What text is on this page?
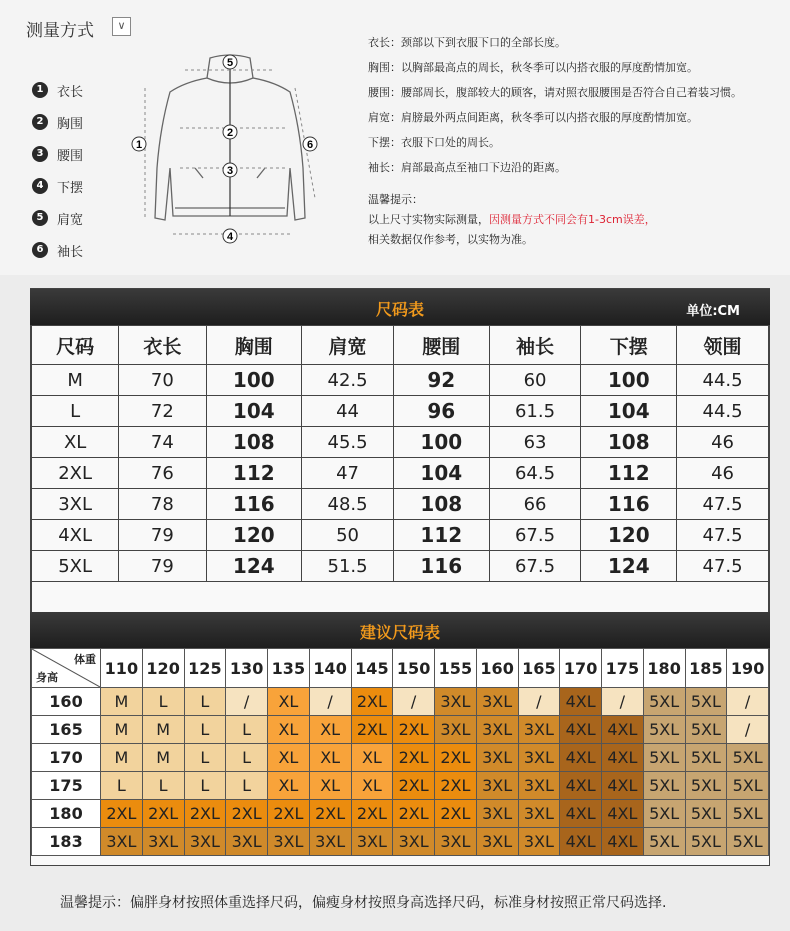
测量方式	∨
1	衣长
2	胸围
3	腰围
4	下摆
5	肩宽
6	袖长
5
2
3
4
1	6
衣长：颈部以下到衣服下口的全部长度。
胸围：以胸部最高点的周长，秋冬季可以内搭衣服的厚度酌情加宽。
腰围：腰部周长，腹部较大的顾客，请对照衣服腰围是否符合自己着装习惯。
肩宽：肩膀最外两点间距离，秋冬季可以内搭衣服的厚度酌情加宽。
下摆：衣服下口处的周长。
袖长：肩部最高点至袖口下边沿的距离。
温馨提示：
以上尺寸实物实际测量，因测量方式不同会有1-3cm误差，
相关数据仅作参考，以实物为准。
尺码表	单位:CM
尺码	衣长	胸围	肩宽	腰围	袖长	下摆	领围
M	70	100	42.5	92	60	100	44.5
L	72	104	44	96	61.5	104	44.5
XL	74	108	45.5	100	63	108	46
2XL	76	112	47	104	64.5	112	46
3XL	78	116	48.5	108	66	116	47.5
4XL	79	120	50	112	67.5	120	47.5
5XL	79	124	51.5	116	67.5	124	47.5

建议尺码表
体重
身高	110	120	125	130	135	140	145	150	155	160	165	170	175	180	185	190
160	M	L	L	/	XL	/	2XL	/	3XL	3XL	/	4XL	/	5XL	5XL	/
165	M	M	L	L	XL	XL	2XL	2XL	3XL	3XL	3XL	4XL	4XL	5XL	5XL	/
170	M	M	L	L	XL	XL	XL	2XL	2XL	3XL	3XL	4XL	4XL	5XL	5XL	5XL
175	L	L	L	L	XL	XL	XL	2XL	2XL	3XL	3XL	4XL	4XL	5XL	5XL	5XL
180	2XL	2XL	2XL	2XL	2XL	2XL	2XL	2XL	2XL	3XL	3XL	4XL	4XL	5XL	5XL	5XL
183	3XL	3XL	3XL	3XL	3XL	3XL	3XL	3XL	3XL	3XL	3XL	4XL	4XL	5XL	5XL	5XL
温馨提示：偏胖身材按照体重选择尺码，偏瘦身材按照身高选择尺码，标准身材按照正常尺码选择.
